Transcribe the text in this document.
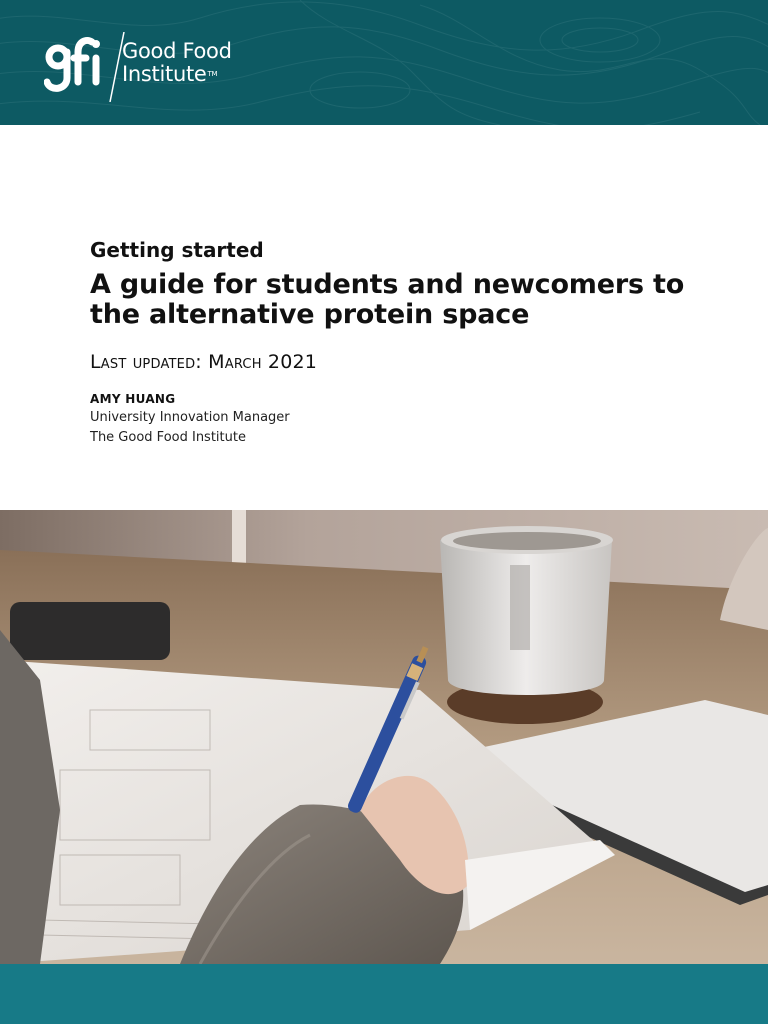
Good Food
InstituteTM

Getting started

A guide for students and newcomers to
the alternative protein space
Last updated: March 2021
AMY HUANG
University Innovation Manager
The Good Food Institute
